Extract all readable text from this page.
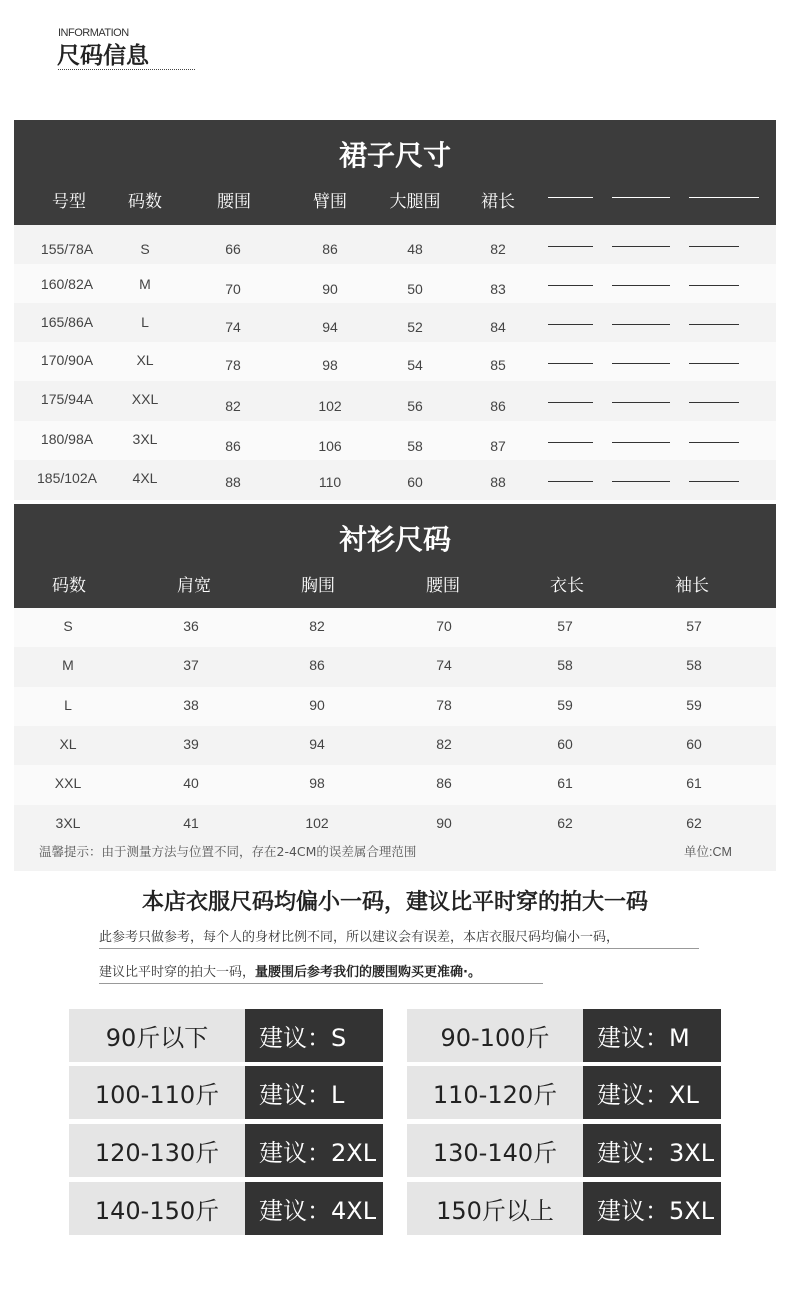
INFORMATION
尺码信息
裙子尺寸
号型 码数	腰围	臂围	大腿围 裙长
155/78A	S	66	86	48	82
160/82A	M	70	90	50	83
165/86A	L	74	94	52	84
170/90A	XL	78	98	54	85
175/94A	XXL	82	102	56	86
180/98A	3XL	86	106	58	87
185/102A	4XL	88	110	60	88
衬衫尺码
码数	肩宽	胸围	腰围	衣长	袖长
S	36	82	70	57	57
M	37	86	74	58	58
L	38	90	78	59	59
XL	39	94	82	60	60
XXL	40	98	86	61	61
3XL	41	102	90	62	62
温馨提示：由于测量方法与位置不同，存在2-4CM的误差属合理范围	单位:CM
本店衣服尺码均偏小一码，建议比平时穿的拍大一码
此参考只做参考，每个人的身材比例不同，所以建议会有误差，本店衣服尺码均偏小一码，
建议比平时穿的拍大一码，量腰围后参考我们的腰围购买更准确·。
90斤以下	建议：S	90-100斤	建议：M
100-110斤	建议：L	110-120斤	建议：XL
120-130斤	建议：2XL	130-140斤	建议：3XL
140-150斤	建议：4XL	150斤以上	建议：5XL
